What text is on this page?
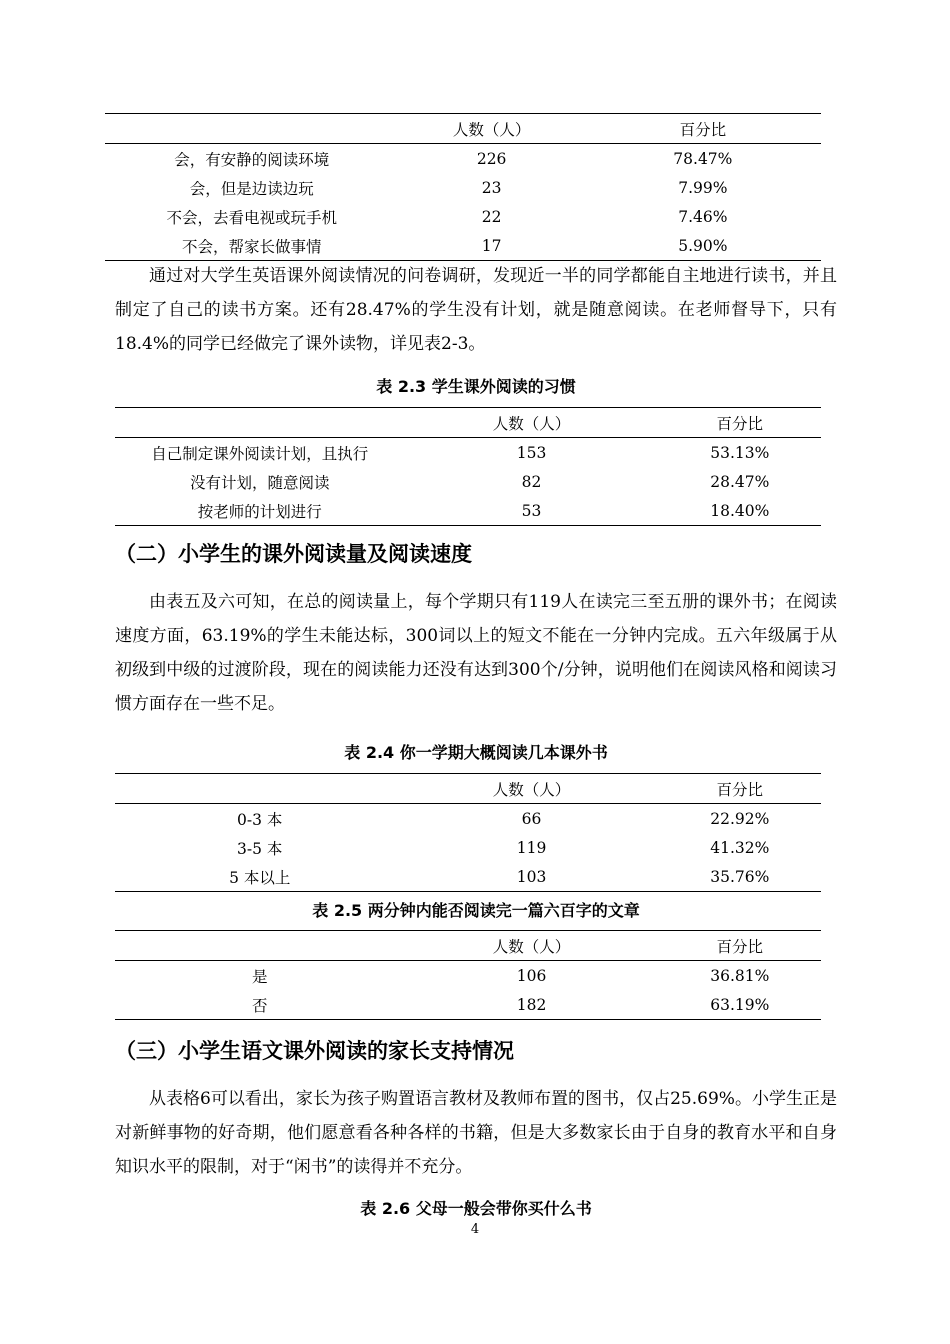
	人数（人）	百分比
会，有安静的阅读环境	226	78.47%
会，但是边读边玩	23	7.99%
不会，去看电视或玩手机	22	7.46%
不会，帮家长做事情	17	5.90%

通过对大学生英语课外阅读情况的问卷调研，发现近一半的同学都能自主地进行读书，并且制定了自己的读书方案。还有28.47%的学生没有计划，就是随意阅读。在老师督导下，只有18.4%的同学已经做完了课外读物，详见表2-3。

表 2.3 学生课外阅读的习惯
	人数（人）	百分比
自己制定课外阅读计划，且执行	153	53.13%
没有计划，随意阅读	82	28.47%
按老师的计划进行	53	18.40%
（二）小学生的课外阅读量及阅读速度

由表五及六可知，在总的阅读量上，每个学期只有119人在读完三至五册的课外书；在阅读速度方面，63.19%的学生未能达标，300词以上的短文不能在一分钟内完成。五六年级属于从初级到中级的过渡阶段，现在的阅读能力还没有达到300个/分钟，说明他们在阅读风格和阅读习惯方面存在一些不足。

表 2.4 你一学期大概阅读几本课外书
	人数（人）	百分比
0-3 本	66	22.92%
3-5 本	119	41.32%
5 本以上	103	35.76%
表 2.5 两分钟内能否阅读完一篇六百字的文章
	人数（人）	百分比
是	106	36.81%
否	182	63.19%
（三）小学生语文课外阅读的家长支持情况

从表格6可以看出，家长为孩子购置语言教材及教师布置的图书，仅占25.69%。小学生正是对新鲜事物的好奇期，他们愿意看各种各样的书籍，但是大多数家长由于自身的教育水平和自身知识水平的限制，对于“闲书”的读得并不充分。

表 2.6 父母一般会带你买什么书
4
